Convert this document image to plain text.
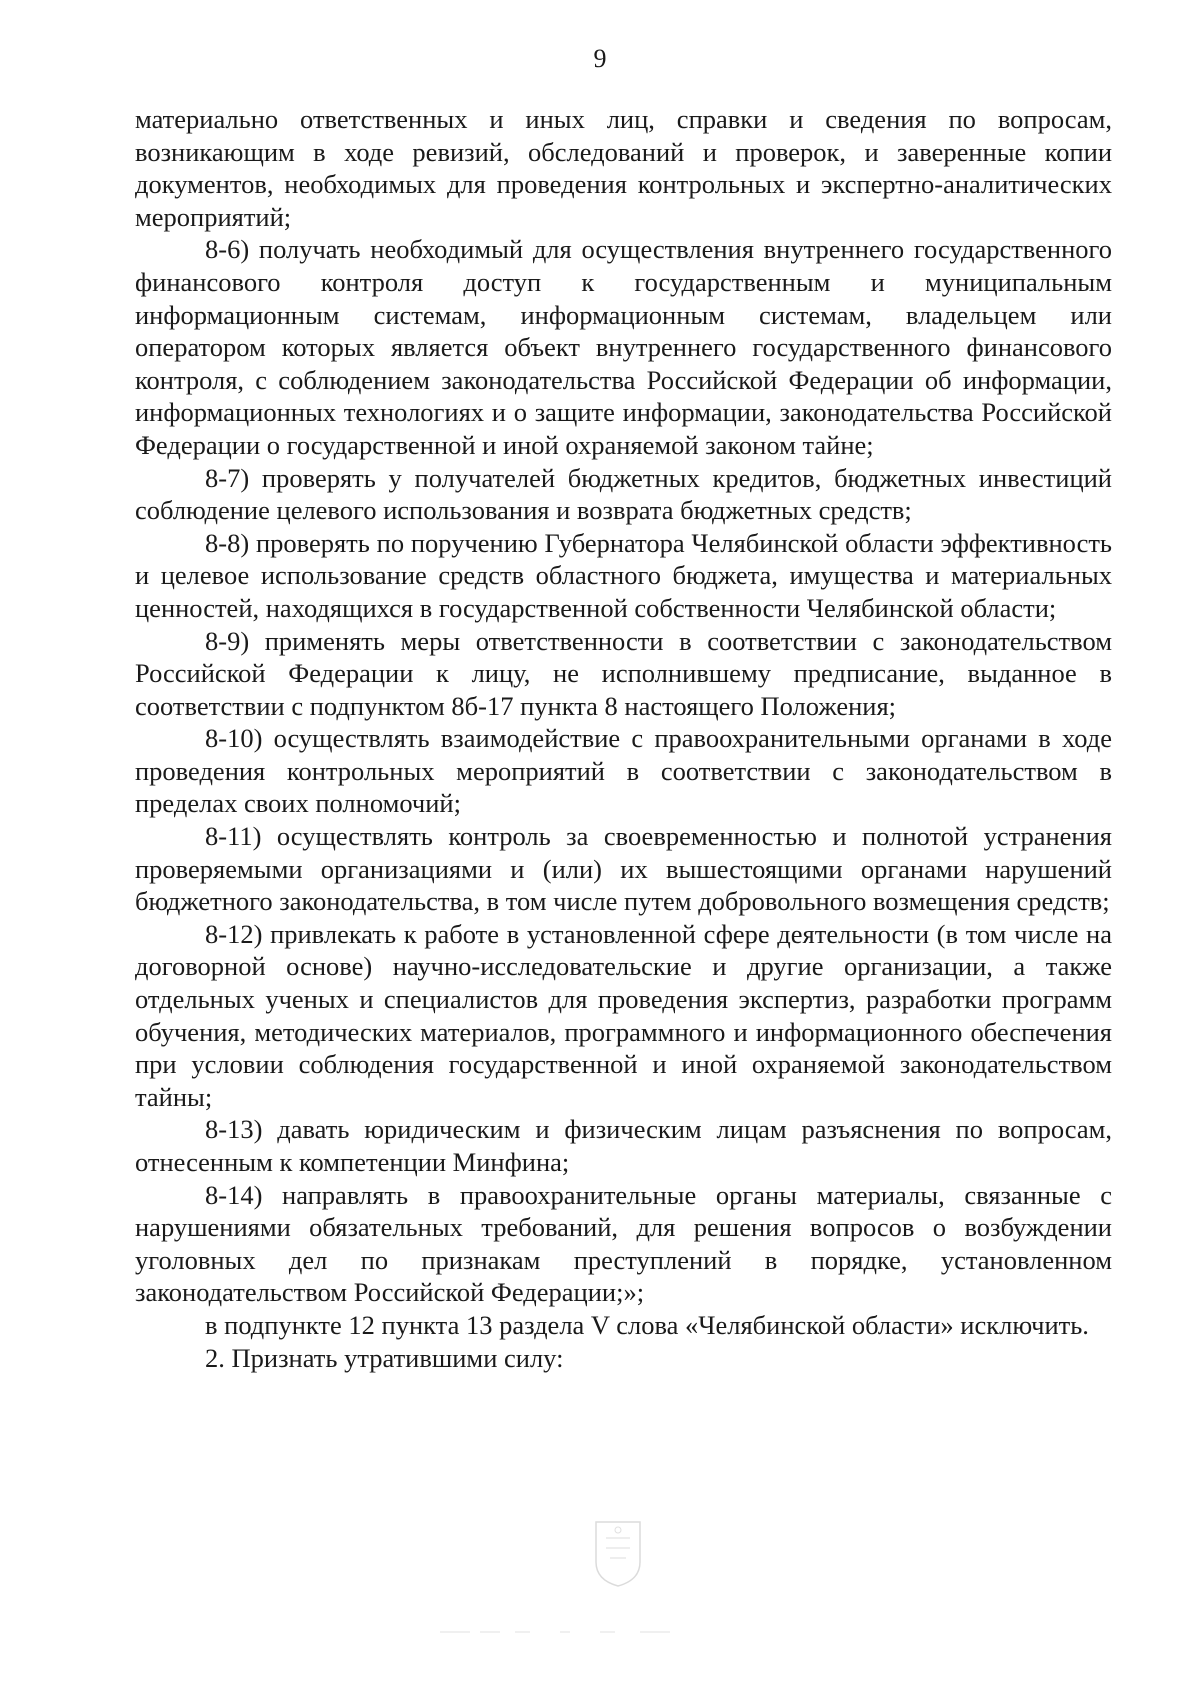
9

материально ответственных и иных лиц, справки и сведения по вопросам, возникающим в ходе ревизий, обследований и проверок, и заверенные копии документов, необходимых для проведения контрольных и экспертно-аналитических мероприятий;

8-6) получать необходимый для осуществления внутреннего государственного финансового контроля доступ к государственным и муниципальным информационным системам, информационным системам, владельцем или оператором которых является объект внутреннего государственного финансового контроля, с соблюдением законодательства Российской Федерации об информации, информационных технологиях и о защите информации, законодательства Российской Федерации о государственной и иной охраняемой законом тайне;

8-7) проверять у получателей бюджетных кредитов, бюджетных инвестиций соблюдение целевого использования и возврата бюджетных средств;

8-8) проверять по поручению Губернатора Челябинской области эффективность и целевое использование средств областного бюджета, имущества и материальных ценностей, находящихся в государственной собственности Челябинской области;

8-9) применять меры ответственности в соответствии с законодательством Российской Федерации к лицу, не исполнившему предписание, выданное в соответствии с подпунктом 8б-17 пункта 8 настоящего Положения;

8-10) осуществлять взаимодействие с правоохранительными органами в ходе проведения контрольных мероприятий в соответствии с законодательством в пределах своих полномочий;

8-11) осуществлять контроль за своевременностью и полнотой устранения проверяемыми организациями и (или) их вышестоящими органами нарушений бюджетного законодательства, в том числе путем добровольного возмещения средств;

8-12) привлекать к работе в установленной сфере деятельности (в том числе на договорной основе) научно-исследовательские и другие организации, а также отдельных ученых и специалистов для проведения экспертиз, разработки программ обучения, методических материалов, программного и информационного обеспечения при условии соблюдения государственной и иной охраняемой законодательством тайны;

8-13) давать юридическим и физическим лицам разъяснения по вопросам, отнесенным к компетенции Минфина;

8-14) направлять в правоохранительные органы материалы, связанные с нарушениями обязательных требований, для решения вопросов о возбуждении уголовных дел по признакам преступлений в порядке, установленном законодательством Российской Федерации;»;

в подпункте 12 пункта 13 раздела V слова «Челябинской области» исключить.

2. Признать утратившими силу:
